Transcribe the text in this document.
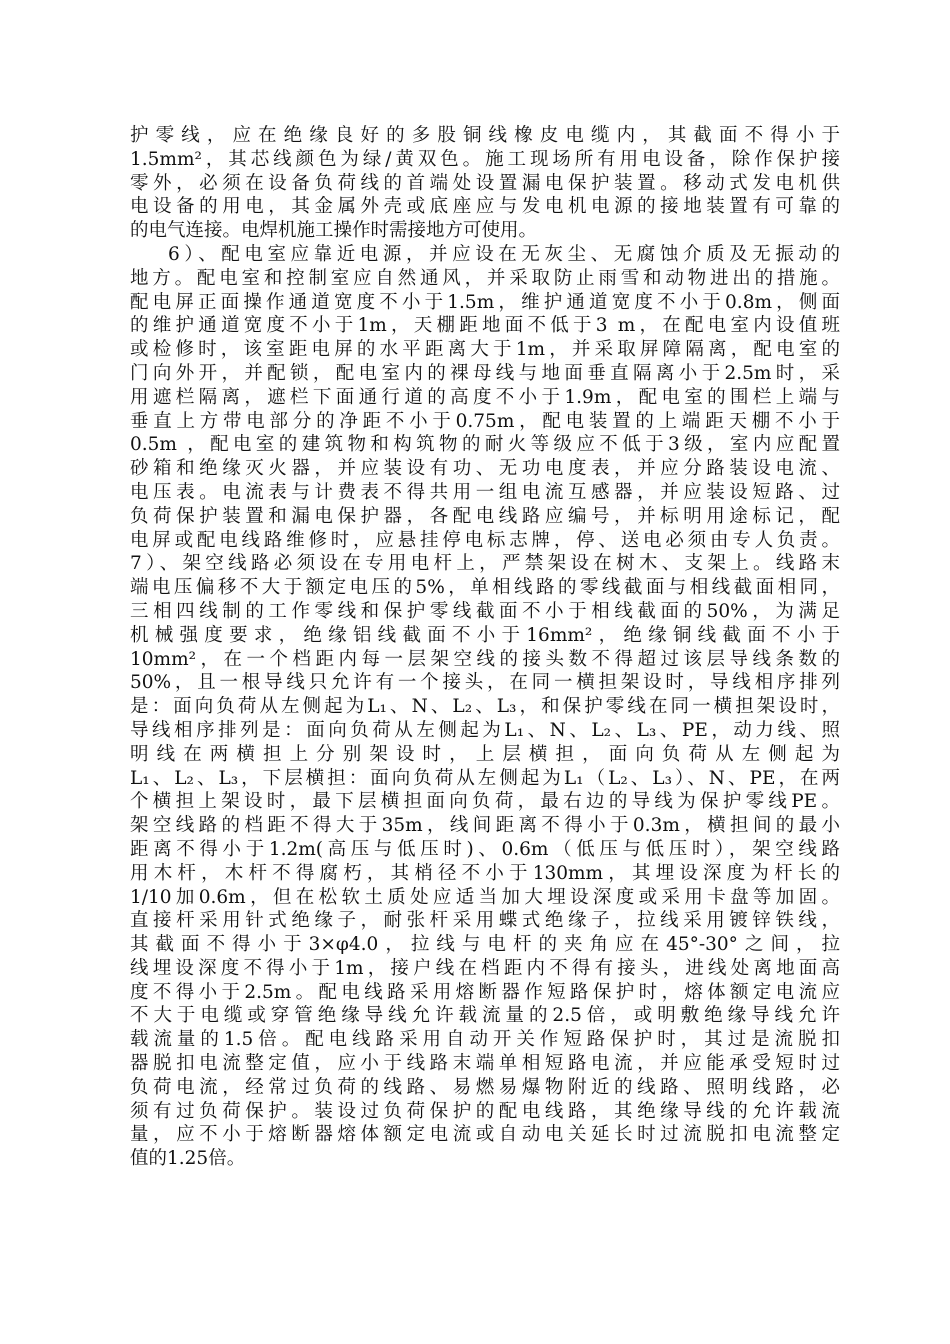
护零线，应在绝缘良好的多股铜线橡皮电缆内，其截面不得小于
1.5mm²，其芯线颜色为绿/黄双色。施工现场所有用电设备，除作保护接
零外，必须在设备负荷线的首端处设置漏电保护装置。移动式发电机供
电设备的用电，其金属外壳或底座应与发电机电源的接地装置有可靠的
的电气连接。电焊机施工操作时需接地方可使用。
6）、配电室应靠近电源，并应设在无灰尘、无腐蚀介质及无振动的
地方。配电室和控制室应自然通风，并采取防止雨雪和动物进出的措施。
配电屏正面操作通道宽度不小于1.5m，维护通道宽度不小于0.8m，侧面
的维护通道宽度不小于1m，天棚距地面不低于3 m，在配电室内设值班
或检修时，该室距电屏的水平距离大于1m，并采取屏障隔离，配电室的
门向外开，并配锁，配电室内的裸母线与地面垂直隔离小于2.5m时，采
用遮栏隔离，遮栏下面通行道的高度不小于1.9m，配电室的围栏上端与
垂直上方带电部分的净距不小于0.75m，配电装置的上端距天棚不小于
0.5m ，配电室的建筑物和构筑物的耐火等级应不低于3级，室内应配置
砂箱和绝缘灭火器，并应装设有功、无功电度表，并应分路装设电流、
电压表。电流表与计费表不得共用一组电流互感器，并应装设短路、过
负荷保护装置和漏电保护器，各配电线路应编号，并标明用途标记，配
电屏或配电线路维修时，应悬挂停电标志牌，停、送电必须由专人负责。
7）、架空线路必须设在专用电杆上，严禁架设在树木、支架上。线路末
端电压偏移不大于额定电压的5%，单相线路的零线截面与相线截面相同，
三相四线制的工作零线和保护零线截面不小于相线截面的50%，为满足
机械强度要求，绝缘铝线截面不小于16mm²，绝缘铜线截面不小于
10mm²，在一个档距内每一层架空线的接头数不得超过该层导线条数的
50%，且一根导线只允许有一个接头，在同一横担架设时，导线相序排列
是：面向负荷从左侧起为L₁、N、L₂、L₃，和保护零线在同一横担架设时，
导线相序排列是：面向负荷从左侧起为L₁、N、L₂、L₃、PE，动力线、照
明线在两横担上分别架设时，上层横担，面向负荷从左侧起为
L₁、L₂、L₃，下层横担：面向负荷从左侧起为L₁（L₂、L₃）、N、PE，在两
个横担上架设时，最下层横担面向负荷，最右边的导线为保护零线PE。
架空线路的档距不得大于35m，线间距离不得小于0.3m，横担间的最小
距离不得小于1.2m(高压与低压时)、0.6m（低压与低压时），架空线路
用木杆，木杆不得腐朽，其梢径不小于130mm，其埋设深度为杆长的
1/10加0.6m，但在松软土质处应适当加大埋设深度或采用卡盘等加固。
直接杆采用针式绝缘子，耐张杆采用蝶式绝缘子，拉线采用镀锌铁线，
其截面不得小于3×φ4.0，拉线与电杆的夹角应在45°-30°之间，拉
线埋设深度不得小于1m，接户线在档距内不得有接头，进线处离地面高
度不得小于2.5m。配电线路采用熔断器作短路保护时，熔体额定电流应
不大于电缆或穿管绝缘导线允许载流量的2.5倍，或明敷绝缘导线允许
载流量的1.5倍。配电线路采用自动开关作短路保护时，其过是流脱扣
器脱扣电流整定值，应小于线路末端单相短路电流，并应能承受短时过
负荷电流，经常过负荷的线路、易燃易爆物附近的线路、照明线路，必
须有过负荷保护。装设过负荷保护的配电线路，其绝缘导线的允许载流
量，应不小于熔断器熔体额定电流或自动电关延长时过流脱扣电流整定
值的1.25倍。
